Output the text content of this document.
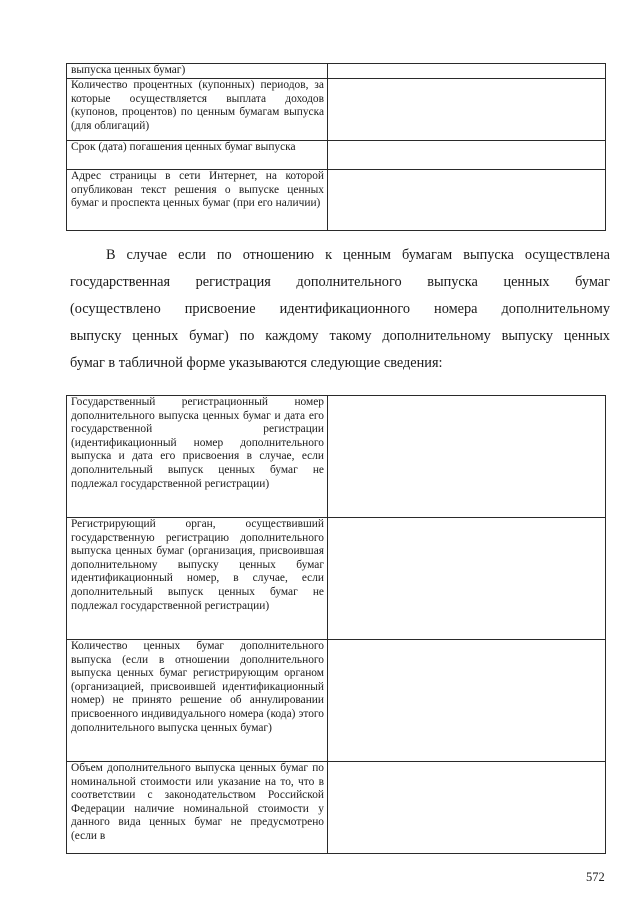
выпуска ценных бумаг)	
Количество процентных (купонных) периодов, за которые осуществляется выплата доходов (купонов, процентов) по ценным бумагам выпуска (для облигаций)	
Срок (дата) погашения ценных бумаг выпуска	
Адрес страницы в сети Интернет, на которой опубликован текст решения о выпуске ценных бумаг и проспекта ценных бумаг (при его наличии)	
В случае если по отношению к ценным бумагам выпуска осуществлена
государственная регистрация дополнительного выпуска ценных бумаг
(осуществлено присвоение идентификационного номера дополнительному
выпуску ценных бумаг) по каждому такому дополнительному выпуску ценных
бумаг в табличной форме указываются следующие сведения:
Государственный регистрационный номер дополнительного выпуска ценных бумаг и дата его государственной регистрации (идентификационный номер дополнительного выпуска и дата его присвоения в случае, если дополнительный выпуск ценных бумаг не подлежал государственной регистрации)	
Регистрирующий орган, осуществивший государственную регистрацию дополнительного выпуска ценных бумаг (организация, присвоившая дополнительному выпуску ценных бумаг идентификационный номер, в случае, если дополнительный выпуск ценных бумаг не подлежал государственной регистрации)	
Количество ценных бумаг дополнительного выпуска (если в отношении дополнительного выпуска ценных бумаг регистрирующим органом (организацией, присвоившей идентификационный номер) не принято решение об аннулировании присвоенного индивидуального номера (кода) этого дополнительного выпуска ценных бумаг)	
Объем дополнительного выпуска ценных бумаг по номинальной стоимости или указание на то, что в соответствии с законодательством Российской Федерации наличие номинальной стоимости у данного вида ценных бумаг не предусмотрено (если в	
572
